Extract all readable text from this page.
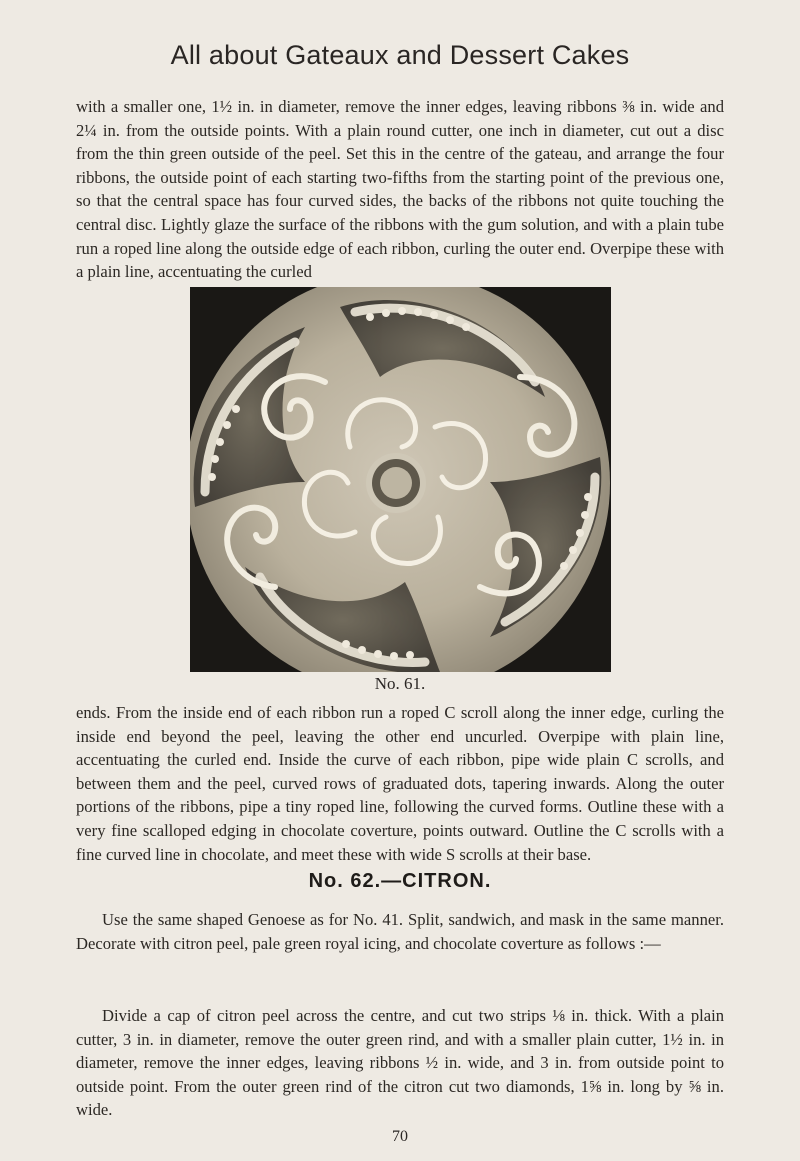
All about Gateaux and Dessert Cakes

with a smaller one, 1½ in. in diameter, remove the inner edges, leaving ribbons ⅜ in. wide and 2¼ in. from the outside points. With a plain round cutter, one inch in diameter, cut out a disc from the thin green outside of the peel. Set this in the centre of the gateau, and arrange the four ribbons, the outside point of each starting two-fifths from the starting point of the previous one, so that the central space has four curved sides, the backs of the ribbons not quite touching the central disc. Lightly glaze the surface of the ribbons with the gum solution, and with a plain tube run a roped line along the outside edge of each ribbon, curling the outer end. Overpipe these with a plain line, accentuating the curled

No. 61.

ends. From the inside end of each ribbon run a roped C scroll along the inner edge, curling the inside end beyond the peel, leaving the other end uncurled. Overpipe with plain line, accentuating the curled end. Inside the curve of each ribbon, pipe wide plain C scrolls, and between them and the peel, curved rows of graduated dots, tapering inwards. Along the outer portions of the ribbons, pipe a tiny roped line, following the curved forms. Outline these with a very fine scalloped edging in chocolate coverture, points outward. Outline the C scrolls with a fine curved line in chocolate, and meet these with wide S scrolls at their base.

No. 62.—CITRON.

Use the same shaped Genoese as for No. 41. Split, sandwich, and mask in the same manner. Decorate with citron peel, pale green royal icing, and chocolate coverture as follows :—

Divide a cap of citron peel across the centre, and cut two strips ⅛ in. thick. With a plain cutter, 3 in. in diameter, remove the outer green rind, and with a smaller plain cutter, 1½ in. in diameter, remove the inner edges, leaving ribbons ½ in. wide, and 3 in. from outside point to outside point. From the outer green rind of the citron cut two diamonds, 1⅝ in. long by ⅝ in. wide.

70
